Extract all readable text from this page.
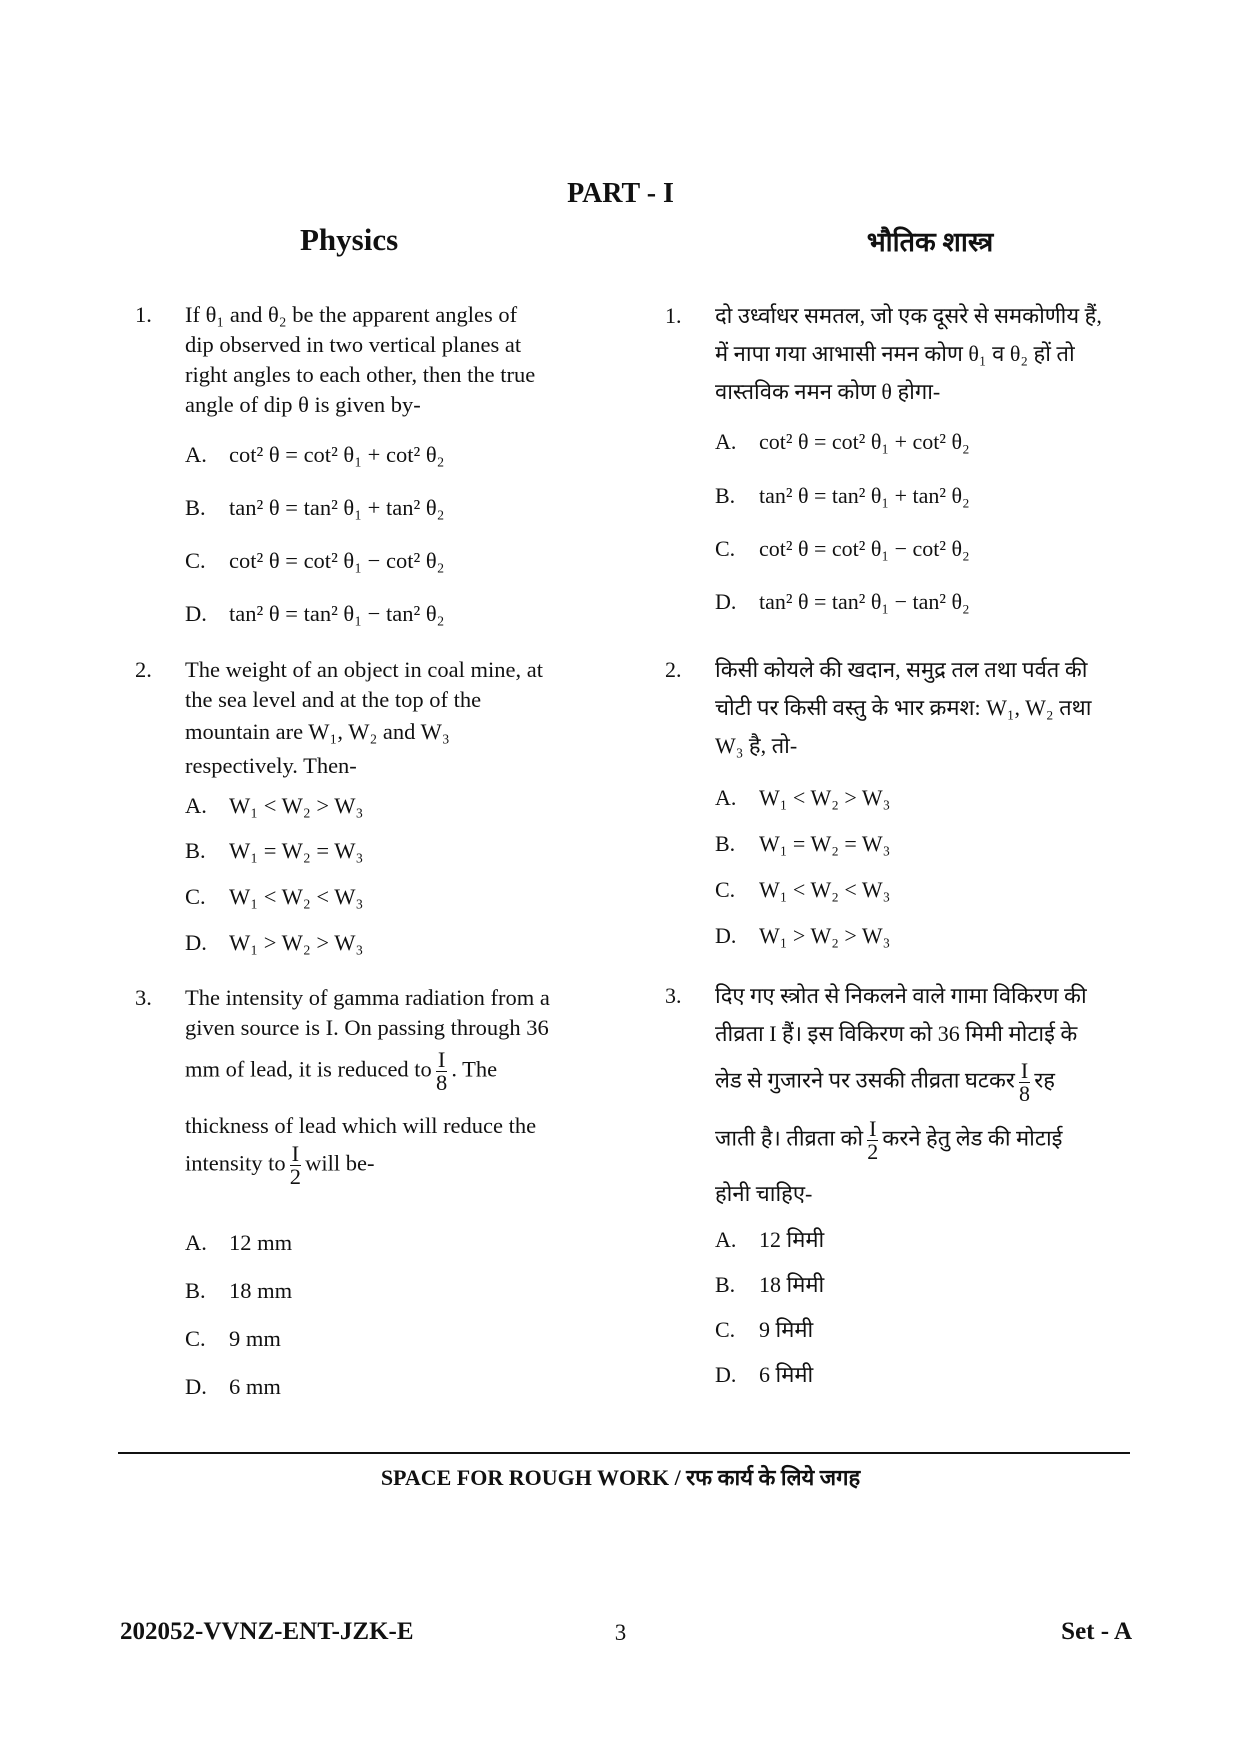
PART - I
Physics	भौतिक शास्त्र
1.	If θ₁ and θ₂ be the apparent angles of
dip observed in two vertical planes at
right angles to each other, then the true
angle of dip θ is given by-
A. cot² θ = cot² θ₁ + cot² θ₂
B. tan² θ = tan² θ₁ + tan² θ₂
C. cot² θ = cot² θ₁ − cot² θ₂
D. tan² θ = tan² θ₁ − tan² θ₂
2.	The weight of an object in coal mine, at
the sea level and at the top of the
mountain are W₁, W₂ and W₃
respectively. Then-
A. W₁ < W₂ > W₃
B. W₁ = W₂ = W₃
C. W₁ < W₂ < W₃
D. W₁ > W₂ > W₃
3.	The intensity of gamma radiation from a
given source is I. On passing through 36
mm of lead, it is reduced to $\frac{I}{8}$ . The
thickness of lead which will reduce the
intensity to $\frac{I}{2}$ will be-
A. 12 mm
B. 18 mm
C. 9 mm
D. 6 mm
1.	दो उर्ध्वाधर समतल, जो एक दूसरे से समकोणीय हैं,
में नापा गया आभासी नमन कोण θ₁ व θ₂ हों तो
वास्तविक नमन कोण θ होगा-
A. cot² θ = cot² θ₁ + cot² θ₂
B. tan² θ = tan² θ₁ + tan² θ₂
C. cot² θ = cot² θ₁ − cot² θ₂
D. tan² θ = tan² θ₁ − tan² θ₂
2.	किसी कोयले की खदान, समुद्र तल तथा पर्वत की
चोटी पर किसी वस्तु के भार क्रमश: W₁, W₂ तथा
W₃ है, तो-
A. W₁ < W₂ > W₃
B. W₁ = W₂ = W₃
C. W₁ < W₂ < W₃
D. W₁ > W₂ > W₃
3.	दिए गए स्त्रोत से निकलने वाले गामा विकिरण की
तीव्रता I हैं। इस विकिरण को 36 मिमी मोटाई के
लेड से गुजारने पर उसकी तीव्रता घटकर $\frac{I}{8}$ रह
जाती है। तीव्रता को $\frac{I}{2}$ करने हेतु लेड की मोटाई
होनी चाहिए-
A. 12 मिमी
B. 18 मिमी
C. 9 मिमी
D. 6 मिमी
SPACE FOR ROUGH WORK / रफ कार्य के लिये जगह
202052-VVNZ-ENT-JZK-E	3	Set - A
